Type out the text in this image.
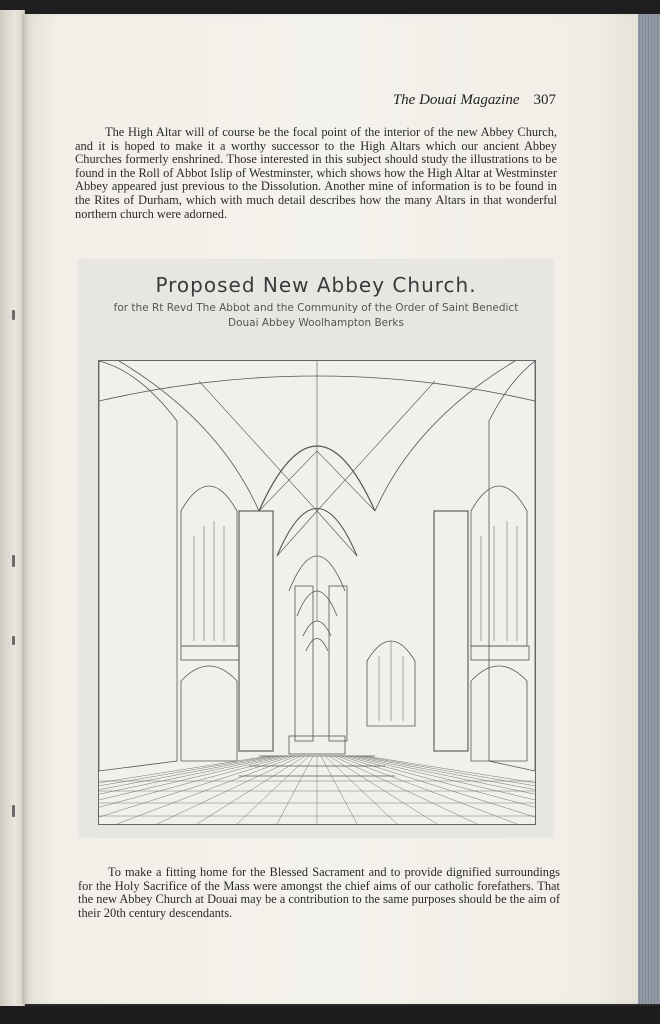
The Douai Magazine 307
The High Altar will of course be the focal point of the interior of the new Abbey Church, and it is hoped to make it a worthy successor to the High Altars which our ancient Abbey Churches formerly enshrined. Those interested in this subject should study the illustrations to be found in the Roll of Abbot Islip of Westminster, which shows how the High Altar at Westminster Abbey appeared just previous to the Dissolution. Another mine of information is to be found in the Rites of Durham, which with much detail describes how the many Altars in that wonderful northern church were adorned.
Proposed New Abbey Church.
for the Rt Revd The Abbot and the Community of the Order of Saint Benedict
Douai Abbey Woolhampton Berks
To make a fitting home for the Blessed Sacrament and to provide dignified surroundings for the Holy Sacrifice of the Mass were amongst the chief aims of our catholic forefathers. That the new Abbey Church at Douai may be a contribution to the same purposes should be the aim of their 20th century descendants.
